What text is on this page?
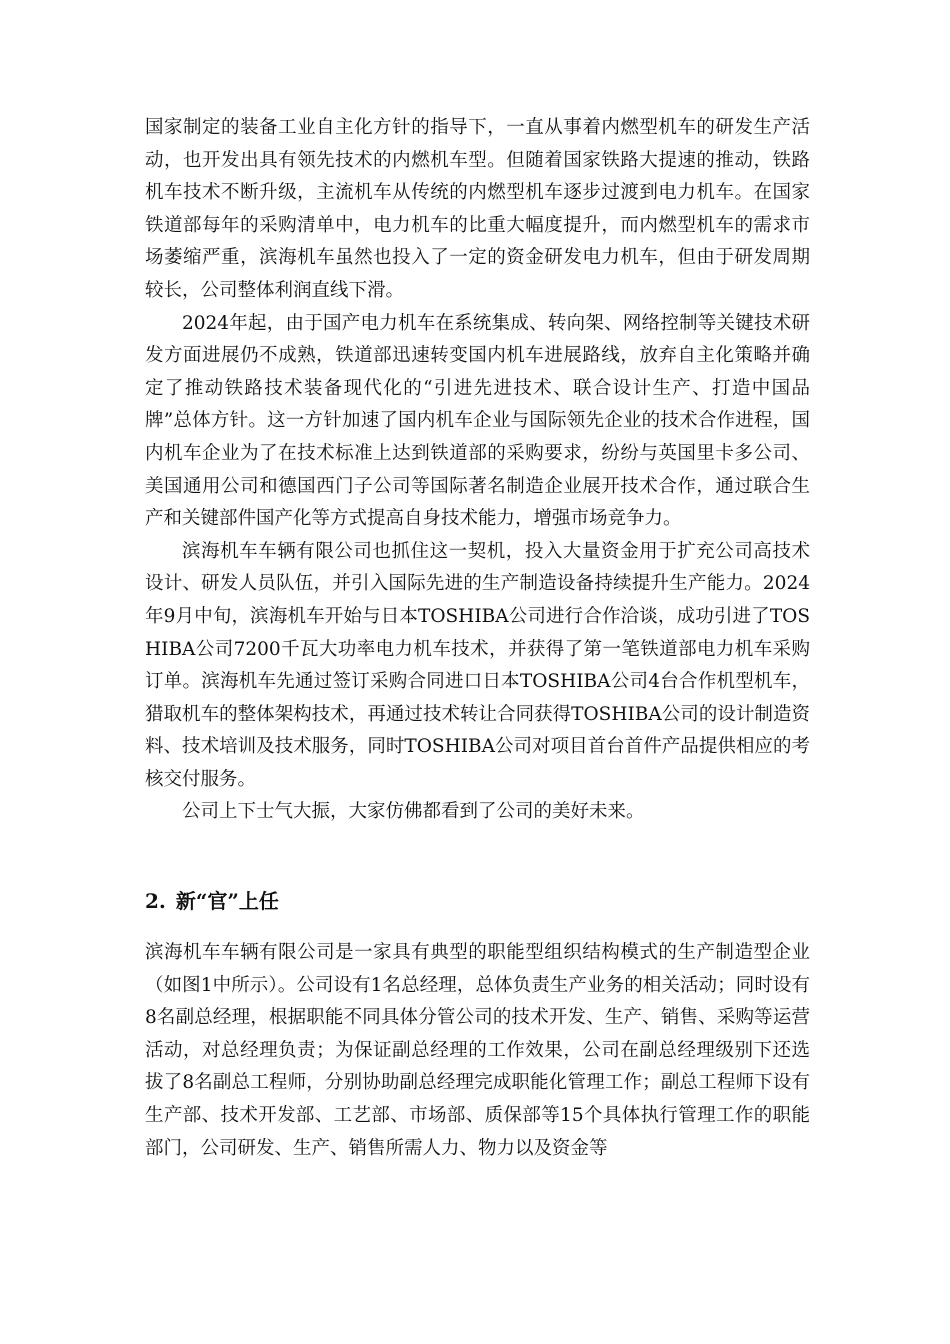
国家制定的装备工业自主化方针的指导下，一直从事着内燃型机车的研发生产活动，也开发出具有领先技术的内燃机车型。但随着国家铁路大提速的推动，铁路机车技术不断升级，主流机车从传统的内燃型机车逐步过渡到电力机车。在国家铁道部每年的采购清单中，电力机车的比重大幅度提升，而内燃型机车的需求市场萎缩严重，滨海机车虽然也投入了一定的资金研发电力机车，但由于研发周期较长，公司整体利润直线下滑。

2024年起，由于国产电力机车在系统集成、转向架、网络控制等关键技术研发方面进展仍不成熟，铁道部迅速转变国内机车进展路线，放弃自主化策略并确定了推动铁路技术装备现代化的“引进先进技术、联合设计生产、打造中国品牌”总体方针。这一方针加速了国内机车企业与国际领先企业的技术合作进程，国内机车企业为了在技术标准上达到铁道部的采购要求，纷纷与英国里卡多公司、美国通用公司和德国西门子公司等国际著名制造企业展开技术合作，通过联合生产和关键部件国产化等方式提高自身技术能力，增强市场竞争力。

滨海机车车辆有限公司也抓住这一契机，投入大量资金用于扩充公司高技术设计、研发人员队伍，并引入国际先进的生产制造设备持续提升生产能力。2024年9月中旬，滨海机车开始与日本TOSHIBA公司进行合作洽谈，成功引进了TOSHIBA公司7200千瓦大功率电力机车技术，并获得了第一笔铁道部电力机车采购订单。滨海机车先通过签订采购合同进口日本TOSHIBA公司4台合作机型机车，猎取机车的整体架构技术，再通过技术转让合同获得TOSHIBA公司的设计制造资料、技术培训及技术服务，同时TOSHIBA公司对项目首台首件产品提供相应的考核交付服务。

公司上下士气大振，大家仿佛都看到了公司的美好未来。

2. 新“官”上任

滨海机车车辆有限公司是一家具有典型的职能型组织结构模式的生产制造型企业（如图1中所示）。公司设有1名总经理，总体负责生产业务的相关活动；同时设有8名副总经理，根据职能不同具体分管公司的技术开发、生产、销售、采购等运营活动，对总经理负责；为保证副总经理的工作效果，公司在副总经理级别下还选拔了8名副总工程师，分别协助副总经理完成职能化管理工作；副总工程师下设有生产部、技术开发部、工艺部、市场部、质保部等15个具体执行管理工作的职能部门，公司研发、生产、销售所需人力、物力以及资金等
